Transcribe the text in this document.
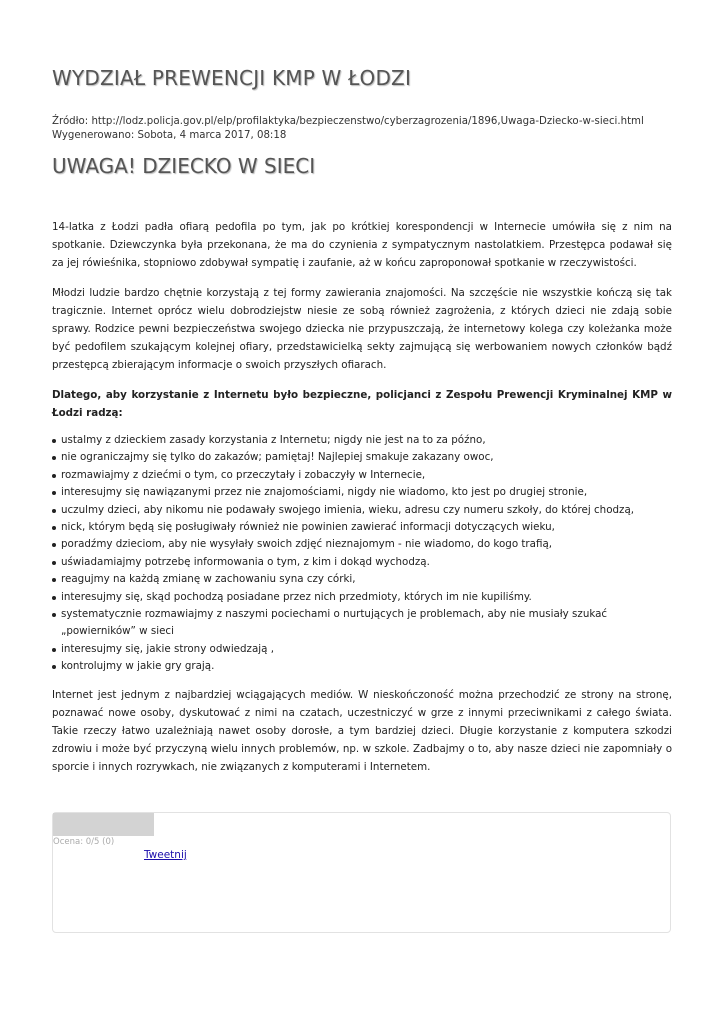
WYDZIAŁ PREWENCJI KMP W ŁODZI
Źródło: http://lodz.policja.gov.pl/elp/profilaktyka/bezpieczenstwo/cyberzagrozenia/1896,Uwaga-Dziecko-w-sieci.html
Wygenerowano: Sobota, 4 marca 2017, 08:18
UWAGA! DZIECKO W SIECI

14-latka z Łodzi padła ofiarą pedofila po tym, jak po krótkiej korespondencji w Internecie umówiła się z nim na spotkanie. Dziewczynka była przekonana, że ma do czynienia z sympatycznym nastolatkiem. Przestępca podawał się za jej rówieśnika, stopniowo zdobywał sympatię i zaufanie, aż w końcu zaproponował spotkanie w rzeczywistości.

Młodzi ludzie bardzo chętnie korzystają z tej formy zawierania znajomości. Na szczęście nie wszystkie kończą się tak tragicznie. Internet oprócz wielu dobrodziejstw niesie ze sobą również zagrożenia, z których dzieci nie zdają sobie sprawy. Rodzice pewni bezpieczeństwa swojego dziecka nie przypuszczają, że internetowy kolega czy koleżanka może być pedofilem szukającym kolejnej ofiary, przedstawicielką sekty zajmującą się werbowaniem nowych członków bądź przestępcą zbierającym informacje o swoich przyszłych ofiarach.

Dlatego, aby korzystanie z Internetu było bezpieczne, policjanci z Zespołu Prewencji Kryminalnej KMP w Łodzi radzą:

ustalmy z dzieckiem zasady korzystania z Internetu; nigdy nie jest na to za późno,
nie ograniczajmy się tylko do zakazów; pamiętaj! Najlepiej smakuje zakazany owoc,
rozmawiajmy z dziećmi o tym, co przeczytały i zobaczyły w Internecie,
interesujmy się nawiązanymi przez nie znajomościami, nigdy nie wiadomo, kto jest po drugiej stronie,
uczulmy dzieci, aby nikomu nie podawały swojego imienia, wieku, adresu czy numeru szkoły, do której chodzą,
nick, którym będą się posługiwały również nie powinien zawierać informacji dotyczących wieku,
poradźmy dzieciom, aby nie wysyłały swoich zdjęć nieznajomym - nie wiadomo, do kogo trafią,
uświadamiajmy potrzebę informowania o tym, z kim i dokąd wychodzą.
reagujmy na każdą zmianę w zachowaniu syna czy córki,
interesujmy się, skąd pochodzą posiadane przez nich przedmioty, których im nie kupiliśmy.
systematycznie rozmawiajmy z naszymi pociechami o nurtujących je problemach, aby nie musiały szukać „powierników” w sieci
interesujmy się, jakie strony odwiedzają ,
kontrolujmy w jakie gry grają.

Internet jest jednym z najbardziej wciągających mediów. W nieskończoność można przechodzić ze strony na stronę, poznawać nowe osoby, dyskutować z nimi na czatach, uczestniczyć w grze z innymi przeciwnikami z całego świata. Takie rzeczy łatwo uzależniają nawet osoby dorosłe, a tym bardziej dzieci. Długie korzystanie z komputera szkodzi zdrowiu i może być przyczyną wielu innych problemów, np. w szkole. Zadbajmy o to, aby nasze dzieci nie zapomniały o sporcie i innych rozrywkach, nie związanych z komputerami i Internetem.

Ocena: 0/5 (0)
Tweetnij
